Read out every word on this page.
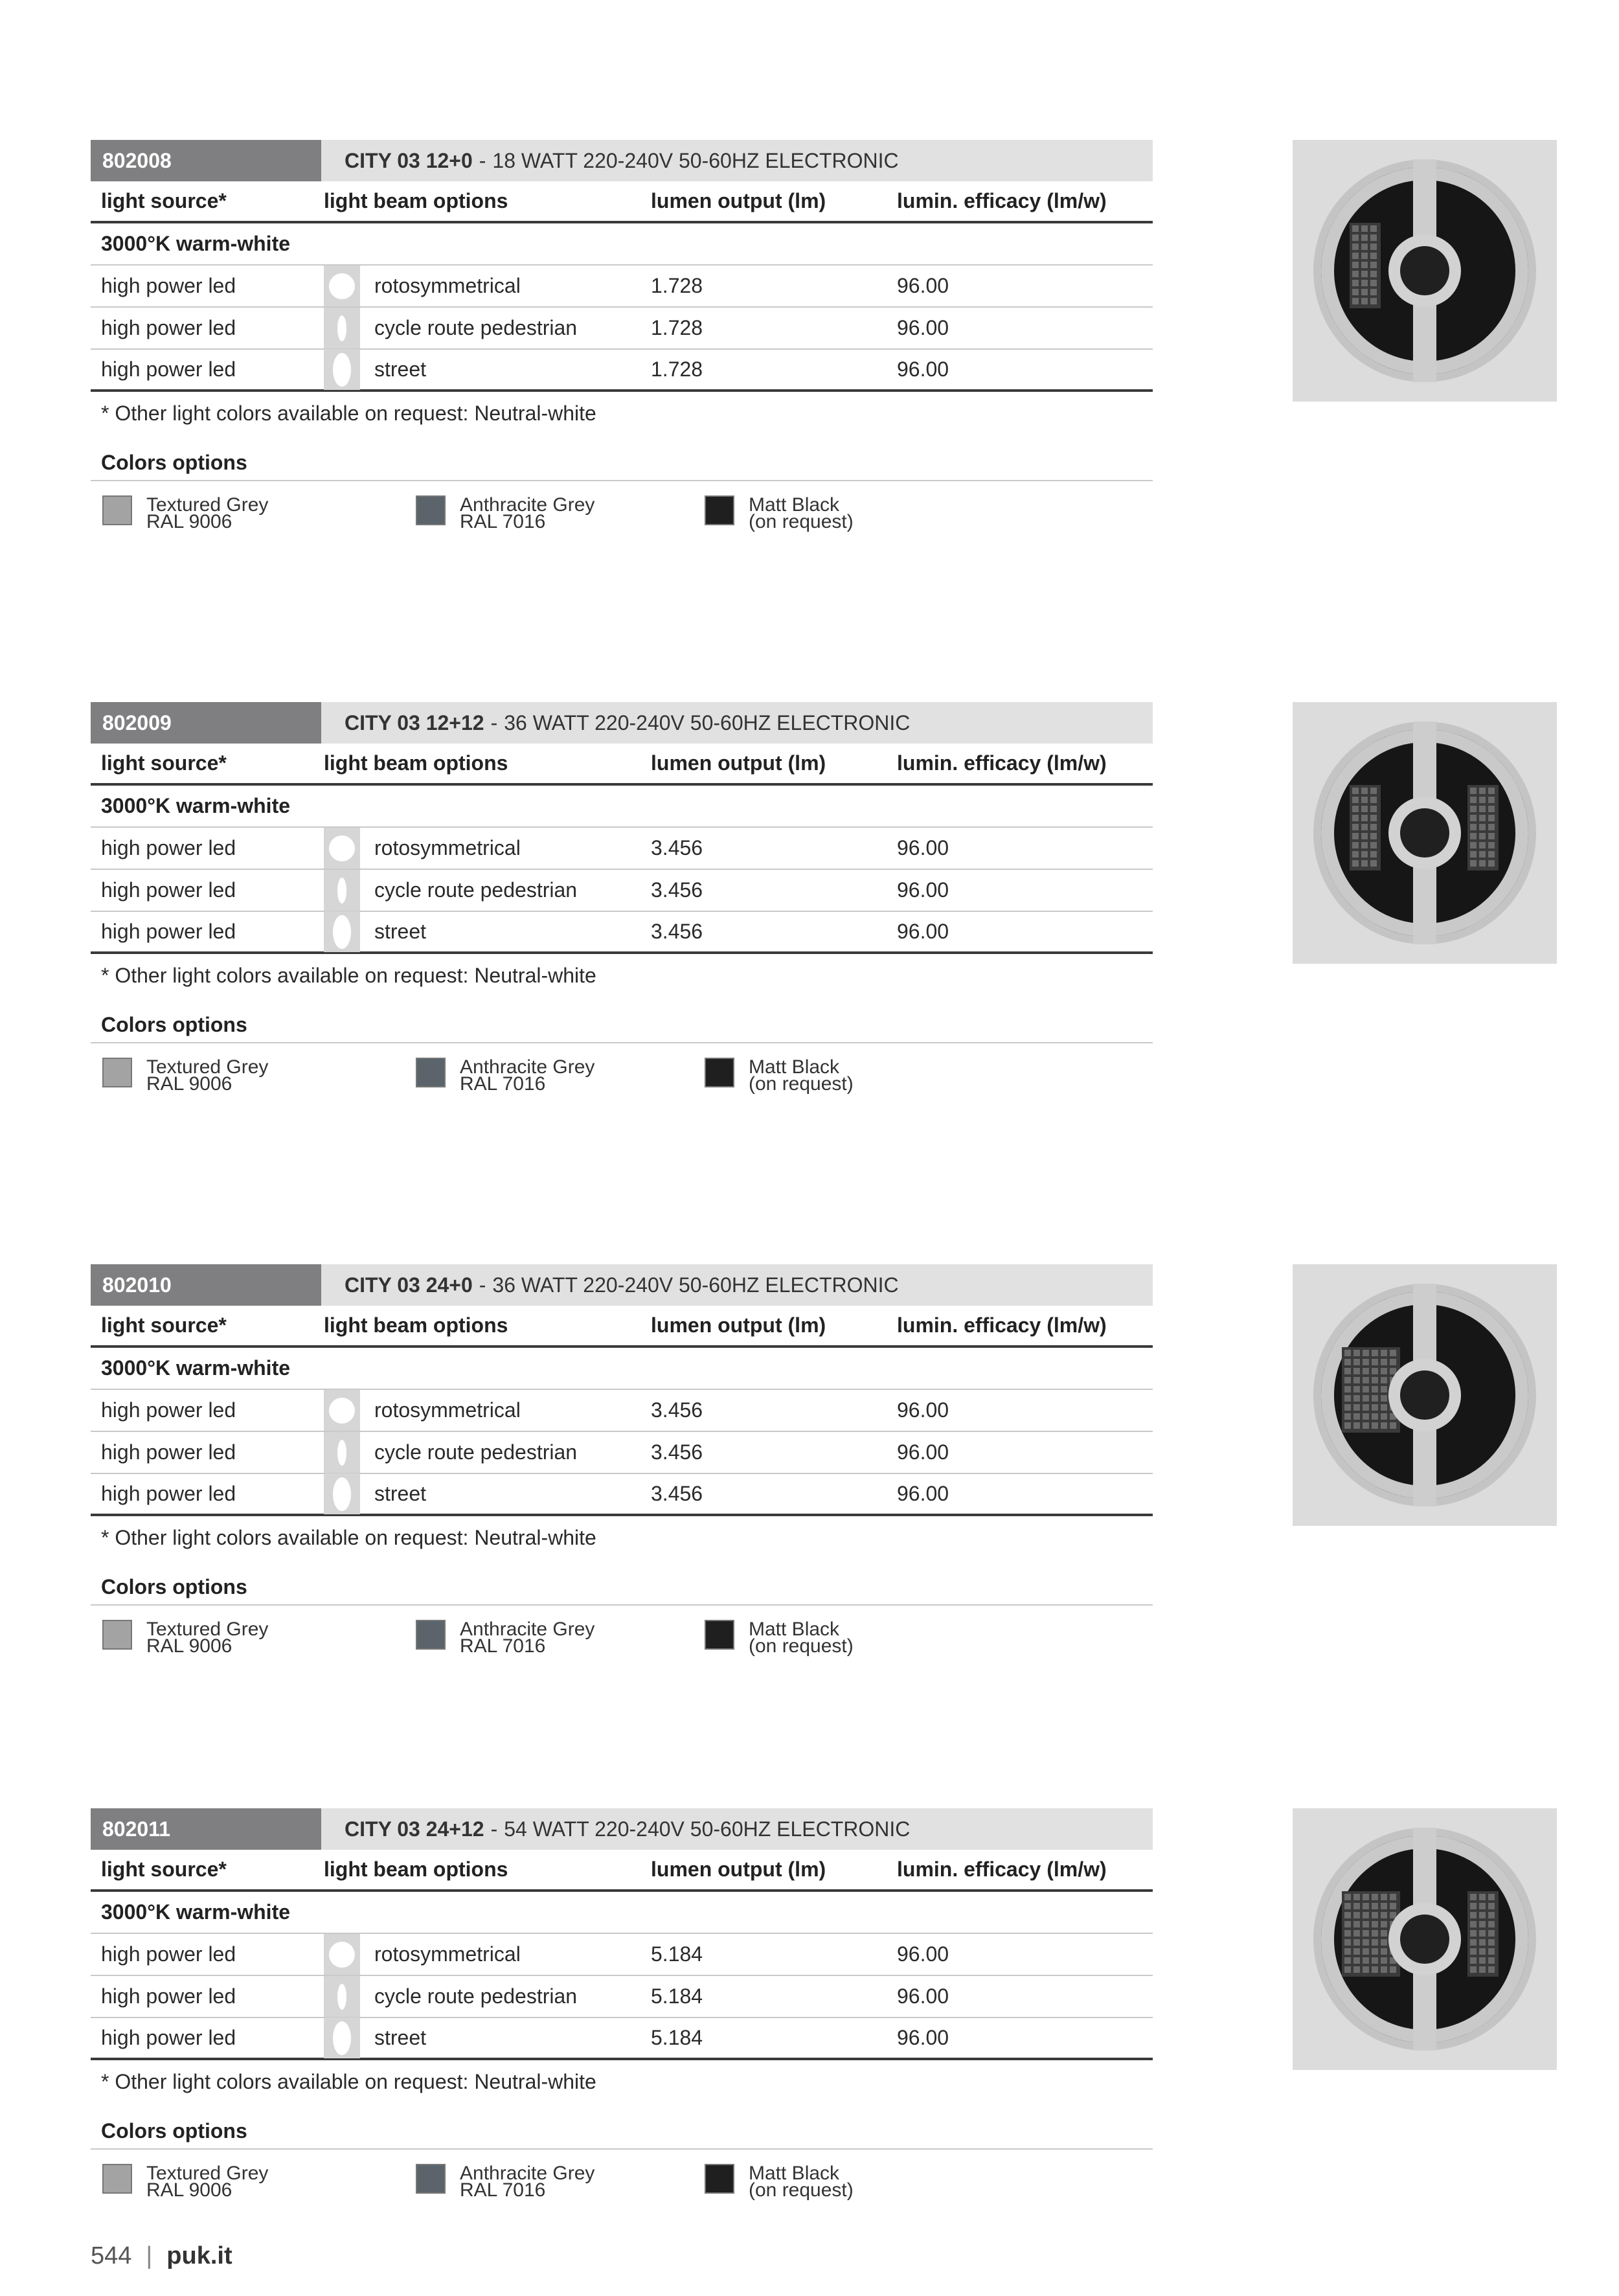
802008	CITY 03 12+0 - 18 WATT 220-240V 50-60HZ ELECTRONIC
light source*	light beam options	lumen output (lm)	lumin. efficacy (lm/w)
3000°K warm-white
high power led	rotosymmetrical	1.728	96.00
high power led	cycle route pedestrian	1.728	96.00
high power led	street	1.728	96.00
* Other light colors available on request: Neutral-white
Colors options
Textured Grey
RAL 9006
Anthracite Grey
RAL 7016
Matt Black
(on request)
802009	CITY 03 12+12 - 36 WATT 220-240V 50-60HZ ELECTRONIC
light source*	light beam options	lumen output (lm)	lumin. efficacy (lm/w)
3000°K warm-white
high power led	rotosymmetrical	3.456	96.00
high power led	cycle route pedestrian	3.456	96.00
high power led	street	3.456	96.00
* Other light colors available on request: Neutral-white
Colors options
Textured Grey
RAL 9006
Anthracite Grey
RAL 7016
Matt Black
(on request)
802010	CITY 03 24+0 - 36 WATT 220-240V 50-60HZ ELECTRONIC
light source*	light beam options	lumen output (lm)	lumin. efficacy (lm/w)
3000°K warm-white
high power led	rotosymmetrical	3.456	96.00
high power led	cycle route pedestrian	3.456	96.00
high power led	street	3.456	96.00
* Other light colors available on request: Neutral-white
Colors options
Textured Grey
RAL 9006
Anthracite Grey
RAL 7016
Matt Black
(on request)
802011	CITY 03 24+12 - 54 WATT 220-240V 50-60HZ ELECTRONIC
light source*	light beam options	lumen output (lm)	lumin. efficacy (lm/w)
3000°K warm-white
high power led	rotosymmetrical	5.184	96.00
high power led	cycle route pedestrian	5.184	96.00
high power led	street	5.184	96.00
* Other light colors available on request: Neutral-white
Colors options
Textured Grey
RAL 9006
Anthracite Grey
RAL 7016
Matt Black
(on request)
544 | puk.it
